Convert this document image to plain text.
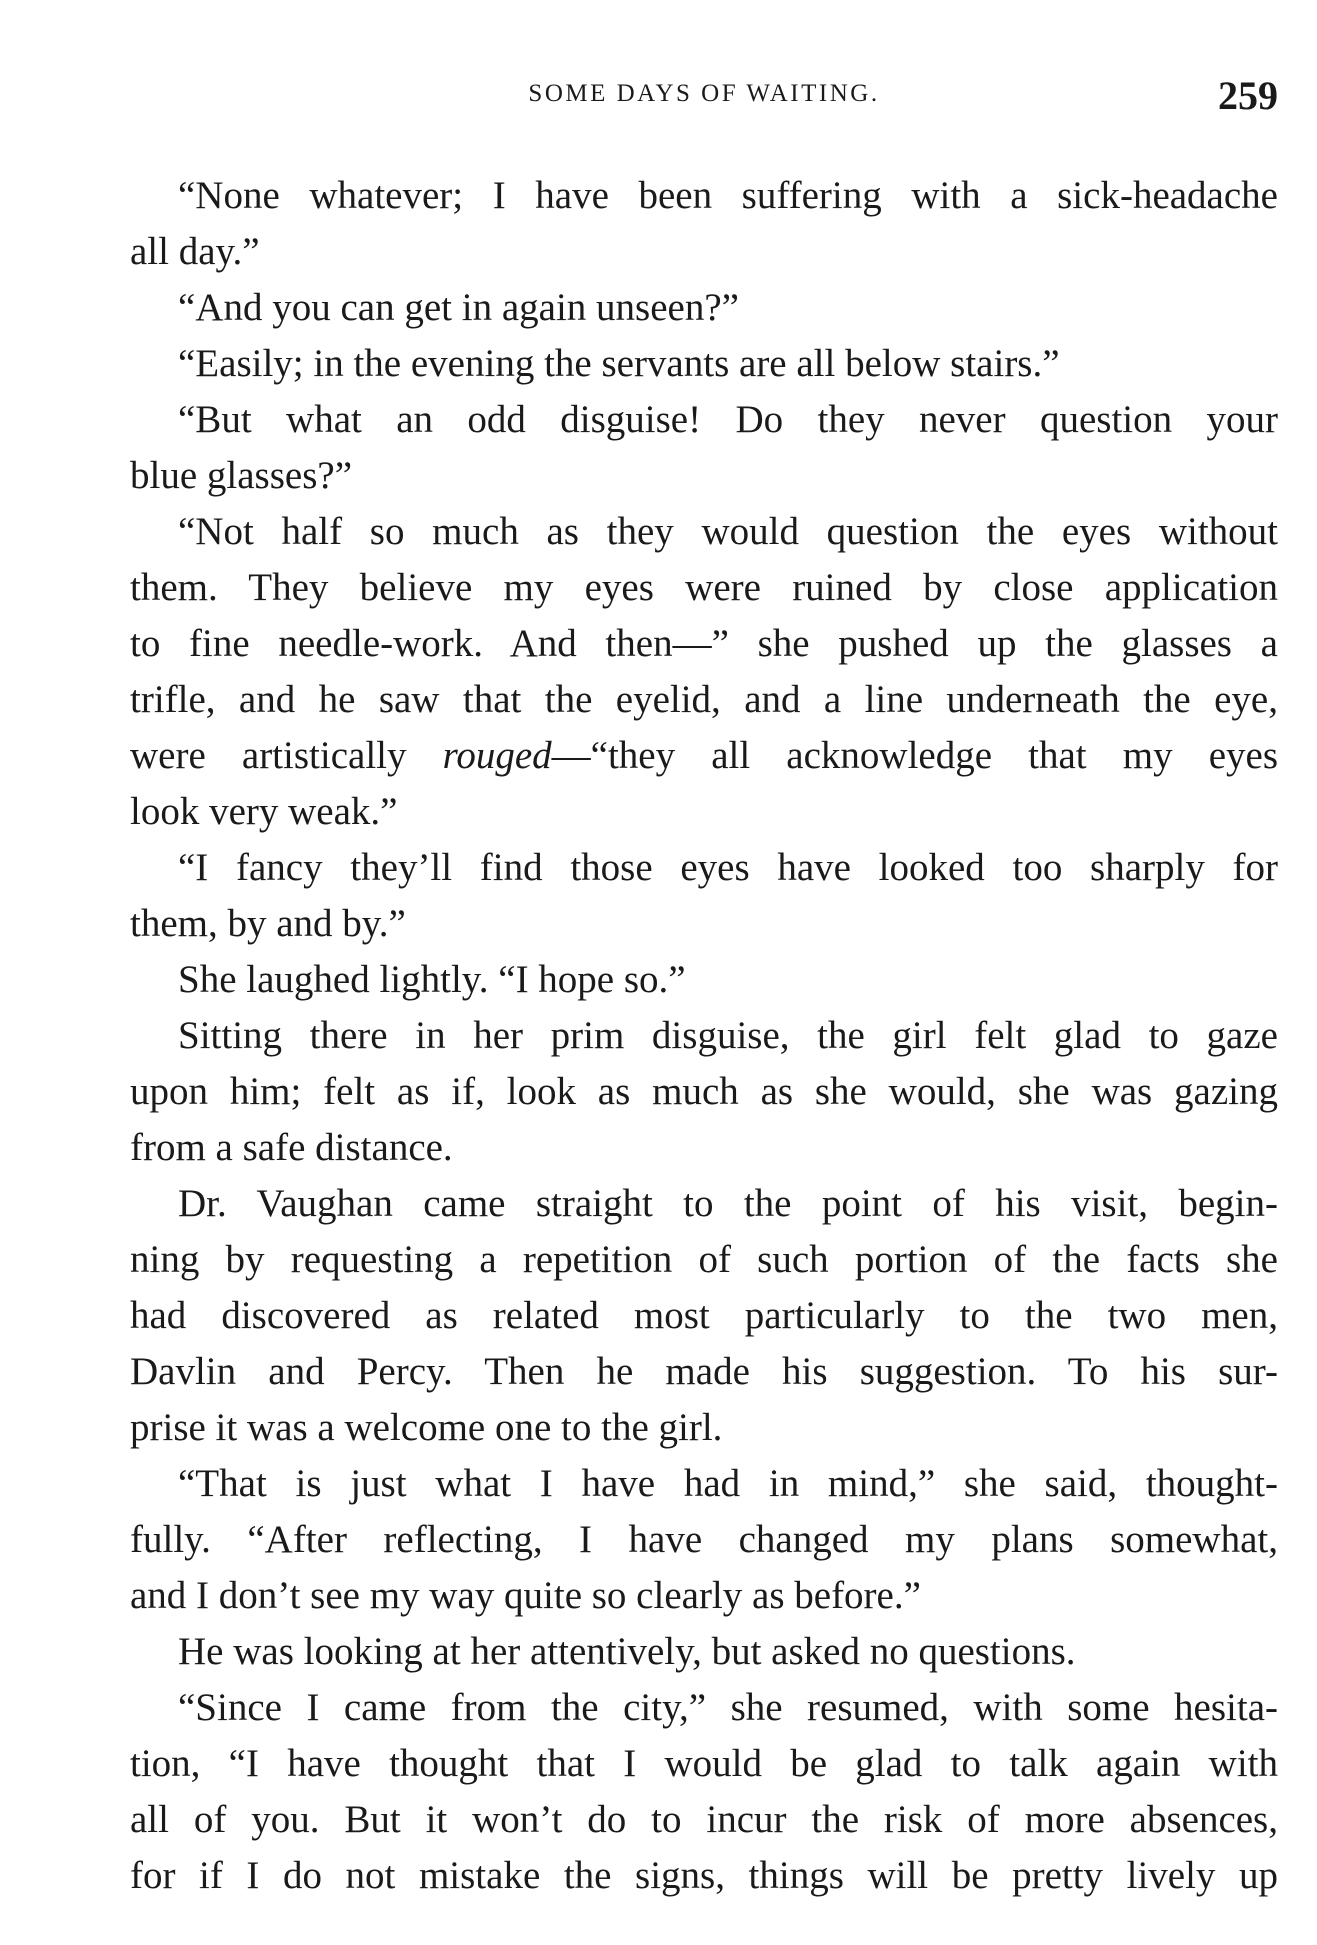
SOME DAYS OF WAITING.	259
“None whatever; I have been suffering with a sick-headache
all day.”
“And you can get in again unseen?”
“Easily; in the evening the servants are all below stairs.”
“But what an odd disguise! Do they never question your
blue glasses?”
“Not half so much as they would question the eyes without
them. They believe my eyes were ruined by close application
to fine needle-work. And then—” she pushed up the glasses a
trifle, and he saw that the eyelid, and a line underneath the eye,
were artistically rouged—“they all acknowledge that my eyes
look very weak.”
“I fancy they’ll find those eyes have looked too sharply for
them, by and by.”
She laughed lightly. “I hope so.”
Sitting there in her prim disguise, the girl felt glad to gaze
upon him; felt as if, look as much as she would, she was gazing
from a safe distance.
Dr. Vaughan came straight to the point of his visit, begin-
ning by requesting a repetition of such portion of the facts she
had discovered as related most particularly to the two men,
Davlin and Percy. Then he made his suggestion. To his sur-
prise it was a welcome one to the girl.
“That is just what I have had in mind,” she said, thought-
fully. “After reflecting, I have changed my plans somewhat,
and I don’t see my way quite so clearly as before.”
He was looking at her attentively, but asked no questions.
“Since I came from the city,” she resumed, with some hesita-
tion, “I have thought that I would be glad to talk again with
all of you. But it won’t do to incur the risk of more absences,
for if I do not mistake the signs, things will be pretty lively up
